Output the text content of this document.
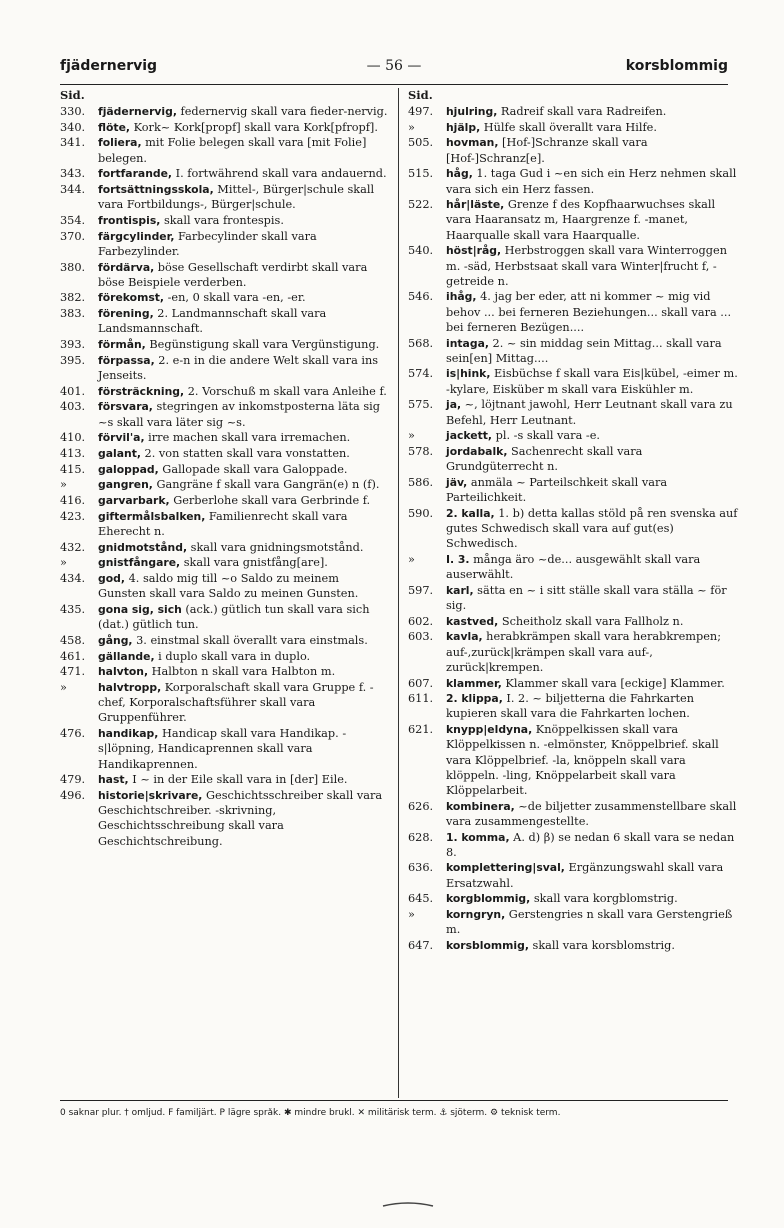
fjädernervig	— 56 —	korsblommig
Sid.
330.	fjädernervig, federnervig skall vara fieder-nervig.
340.	flöte, Kork~ Kork[propf] skall vara Kork[pfropf].
341.	foliera, mit Folie belegen skall vara [mit Folie] belegen.
343.	fortfarande, I. fortwährend skall vara andauernd.
344.	fortsättningsskola, Mittel-, Bürger|schule skall vara Fortbildungs-, Bürger|schule.
354.	frontispis, skall vara frontespis.
370.	färgcylinder, Farbecylinder skall vara Farbezylinder.
380.	fördärva, böse Gesellschaft verdirbt skall vara böse Beispiele verderben.
382.	förekomst, -en, 0 skall vara -en, -er.
383.	förening, 2. Landmannschaft skall vara Landsmannschaft.
393.	förmån, Begünstigung skall vara Vergünstigung.
395.	förpassa, 2. e-n in die andere Welt skall vara ins Jenseits.
401.	försträckning, 2. Vorschuß m skall vara Anleihe f.
403.	försvara, stegringen av inkomstposterna läta sig ~s skall vara läter sig ~s.
410.	förvil'a, irre machen skall vara irremachen.
413.	galant, 2. von statten skall vara vonstatten.
415.	galoppad, Gallopade skall vara Galoppade.
»	gangren, Gangräne f skall vara Gangrän(e) n (f).
416.	garvarbark, Gerberlohe skall vara Gerbrinde f.
423.	giftermålsbalken, Familienrecht skall vara Eherecht n.
432.	gnidmotstånd, skall vara gnidningsmotstånd.
»	gnistfångare, skall vara gnistfång[are].
434.	god, 4. saldo mig till ~o Saldo zu meinem Gunsten skall vara Saldo zu meinen Gunsten.
435.	gona sig, sich (ack.) gütlich tun skall vara sich (dat.) gütlich tun.
458.	gång, 3. einstmal skall överallt vara einstmals.
461.	gällande, i duplo skall vara in duplo.
471.	halvton, Halbton n skall vara Halbton m.
»	halvtropp, Korporalschaft skall vara Gruppe f. -chef, Korporalschaftsführer skall vara Gruppenführer.
476.	handikap, Handicap skall vara Handikap. -s|löpning, Handicaprennen skall vara Handikaprennen.
479.	hast, I ~ in der Eile skall vara in [der] Eile.
496.	historie|skrivare, Geschichtsschreiber skall vara Geschichtschreiber. -skrivning, Geschichtsschreibung skall vara Geschichtschreibung.
Sid.
497.	hjulring, Radreif skall vara Radreifen.
»	hjälp, Hülfe skall överallt vara Hilfe.
505.	hovman, [Hof-]Schranze skall vara [Hof-]Schranz[e].
515.	håg, 1. taga Gud i ~en sich ein Herz nehmen skall vara sich ein Herz fassen.
522.	hår|läste, Grenze f des Kopfhaarwuchses skall vara Haaransatz m, Haargrenze f. -manet, Haarqualle skall vara Haarqualle.
540.	höst|råg, Herbstroggen skall vara Winterroggen m. -säd, Herbstsaat skall vara Winter|frucht f, -getreide n.
546.	ihåg, 4. jag ber eder, att ni kommer ~ mig vid behov ... bei ferneren Beziehungen... skall vara ... bei ferneren Bezügen....
568.	intaga, 2. ~ sin middag sein Mittag... skall vara sein[en] Mittag....
574.	is|hink, Eisbüchse f skall vara Eis|kübel, -eimer m. -kylare, Eisküber m skall vara Eiskühler m.
575.	ja, ~, löjtnant jawohl, Herr Leutnant skall vara zu Befehl, Herr Leutnant.
»	jackett, pl. -s skall vara -e.
578.	jordabalk, Sachenrecht skall vara Grundgüterrecht n.
586.	jäv, anmäla ~ Parteilschkeit skall vara Parteilichkeit.
590.	2. kalla, 1. b) detta kallas stöld på ren svenska auf gutes Schwedisch skall vara auf gut(es) Schwedisch.
»	I. 3. många äro ~de... ausgewählt skall vara auserwählt.
597.	karl, sätta en ~ i sitt ställe skall vara ställa ~ för sig.
602.	kastved, Scheitholz skall vara Fallholz n.
603.	kavla, herabkrämpen skall vara herabkrempen; auf-,zurück|krämpen skall vara auf-, zurück|krempen.
607.	klammer, Klammer skall vara [eckige] Klammer.
611.	2. klippa, I. 2. ~ biljetterna die Fahrkarten kupieren skall vara die Fahrkarten lochen.
621.	knypp|eldyna, Knöppelkissen skall vara Klöppelkissen n. -elmönster, Knöppelbrief. skall vara Klöppelbrief. -la, knöppeln skall vara klöppeln. -ling, Knöppelarbeit skall vara Klöppelarbeit.
626.	kombinera, ~de biljetter zusammenstellbare skall vara zusammengestellte.
628.	1. komma, A. d) β) se nedan 6 skall vara se nedan 8.
636.	komplettering|sval, Ergänzungswahl skall vara Ersatzwahl.
645.	korgblommig, skall vara korgblomstrig.
»	korngryn, Gerstengries n skall vara Gerstengrieß m.
647.	korsblommig, skall vara korsblomstrig.
0 saknar plur. † omljud. F familjärt. P lägre språk. ✱ mindre brukl. ✕ militärisk term. ⚓ sjöterm. ⚙ teknisk term.
